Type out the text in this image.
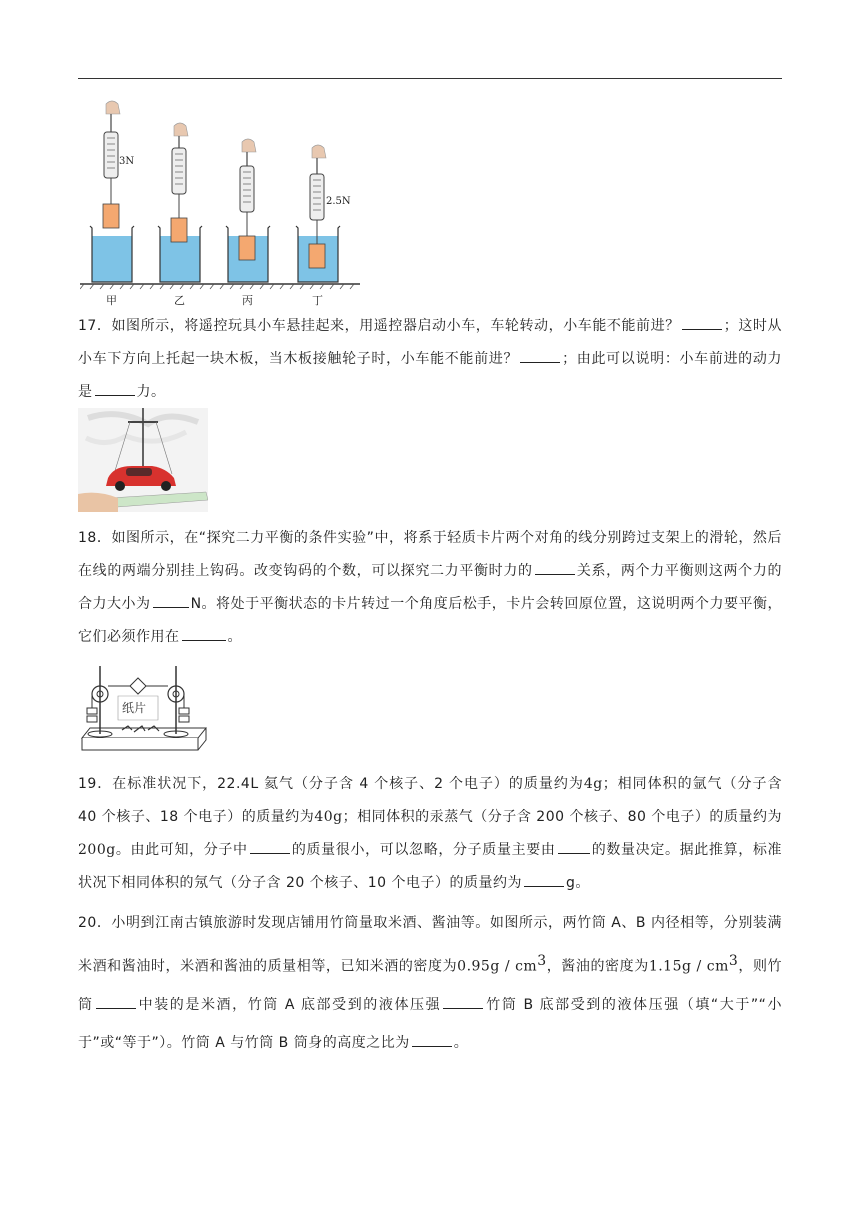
3N
2.5N
甲	乙	丙	丁
17．如图所示，将遥控玩具小车悬挂起来，用遥控器启动小车，车轮转动，小车能不能前进？	；这时从小车下方向上托起一块木板，当木板接触轮子时，小车能不能前进？	；由此可以说明：小车前进的动力是	力。
18．如图所示，在“探究二力平衡的条件实验”中，将系于轻质卡片两个对角的线分别跨过支架上的滑轮，然后在线的两端分别挂上钩码。改变钩码的个数，可以探究二力平衡时力的	关系，两个力平衡则这两个力的合力大小为	N。将处于平衡状态的卡片转过一个角度后松手，卡片会转回原位置，这说明两个力要平衡，它们必须作用在	。
纸片
19．在标准状况下，22.4L 氦气（分子含 4 个核子、2 个电子）的质量约为4g；相同体积的氩气（分子含 40 个核子、18 个电子）的质量约为40g；相同体积的汞蒸气（分子含 200 个核子、80 个电子）的质量约为200g。由此可知，分子中	的质量很小，可以忽略，分子质量主要由	的数量决定。据此推算，标准状况下相同体积的氖气（分子含 20 个核子、10 个电子）的质量约为	g。
20．小明到江南古镇旅游时发现店铺用竹筒量取米酒、酱油等。如图所示，两竹筒 A、B 内径相等，分别装满米酒和酱油时，米酒和酱油的质量相等，已知米酒的密度为$0.95g / cm^3$，酱油的密度为$1.15g / cm^3$，则竹筒	中装的是米酒，竹筒 A 底部受到的液体压强	竹筒 B 底部受到的液体压强（填“大于”“小于”或“等于”）。竹筒 A 与竹筒 B 筒身的高度之比为	。
